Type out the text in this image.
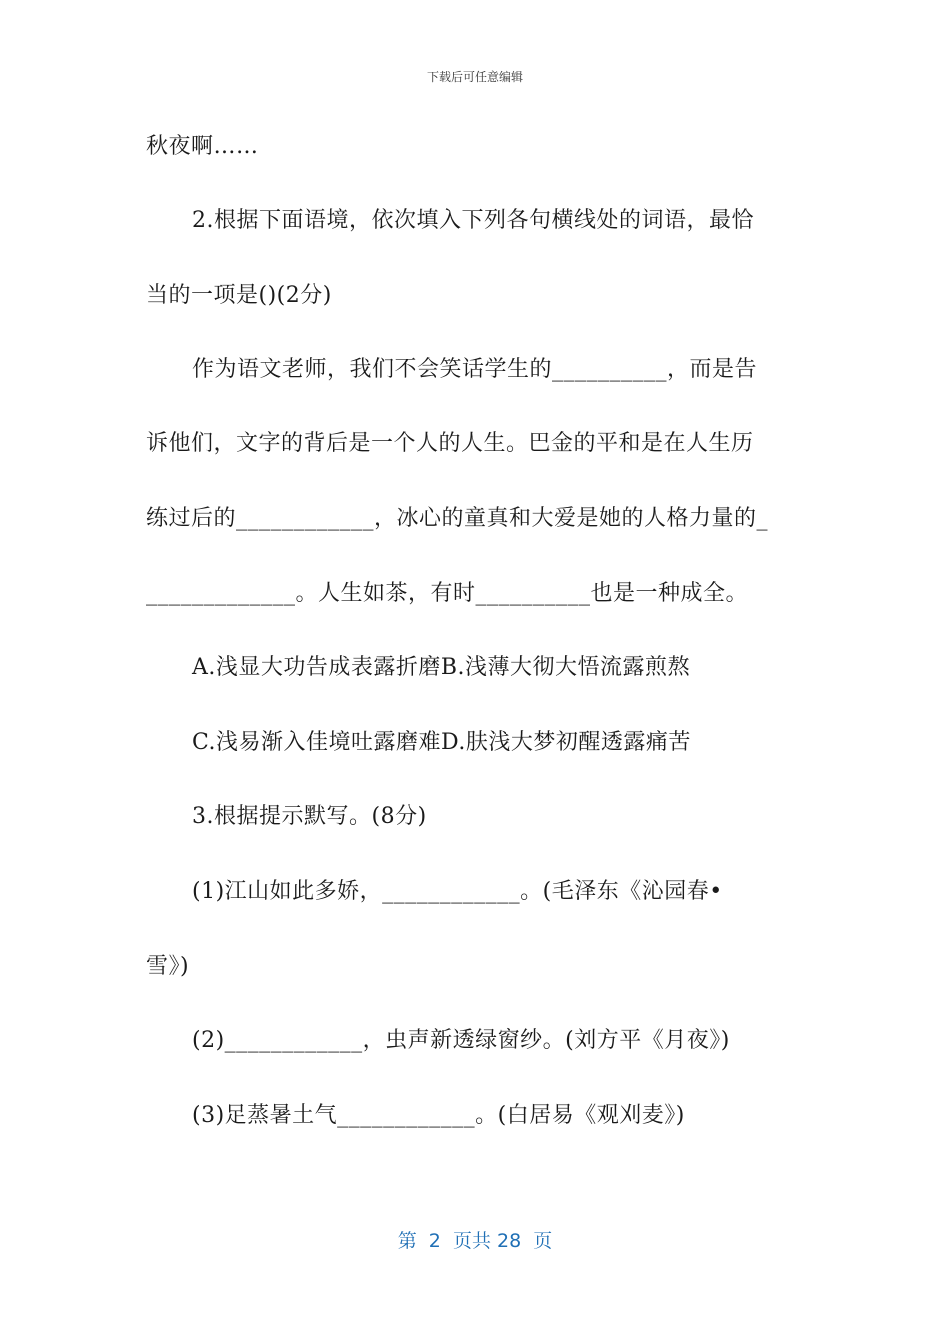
下载后可任意编辑
秋夜啊……
2.根据下面语境，依次填入下列各句横线处的词语，最恰
当的一项是()(2分)
作为语文老师，我们不会笑话学生的__________，而是告
诉他们，文字的背后是一个人的人生。巴金的平和是在人生历
练过后的____________，冰心的童真和大爱是她的人格力量的_
_____________。人生如茶，有时__________也是一种成全。
A.浅显大功告成表露折磨B.浅薄大彻大悟流露煎熬
C.浅易渐入佳境吐露磨难D.肤浅大梦初醒透露痛苦
3.根据提示默写。(8分)
(1)江山如此多娇，____________。(毛泽东《沁园春•
雪》)
(2)____________，虫声新透绿窗纱。(刘方平《月夜》)
(3)足蒸暑土气____________。(白居易《观刈麦》)
第  2  页共 28  页
